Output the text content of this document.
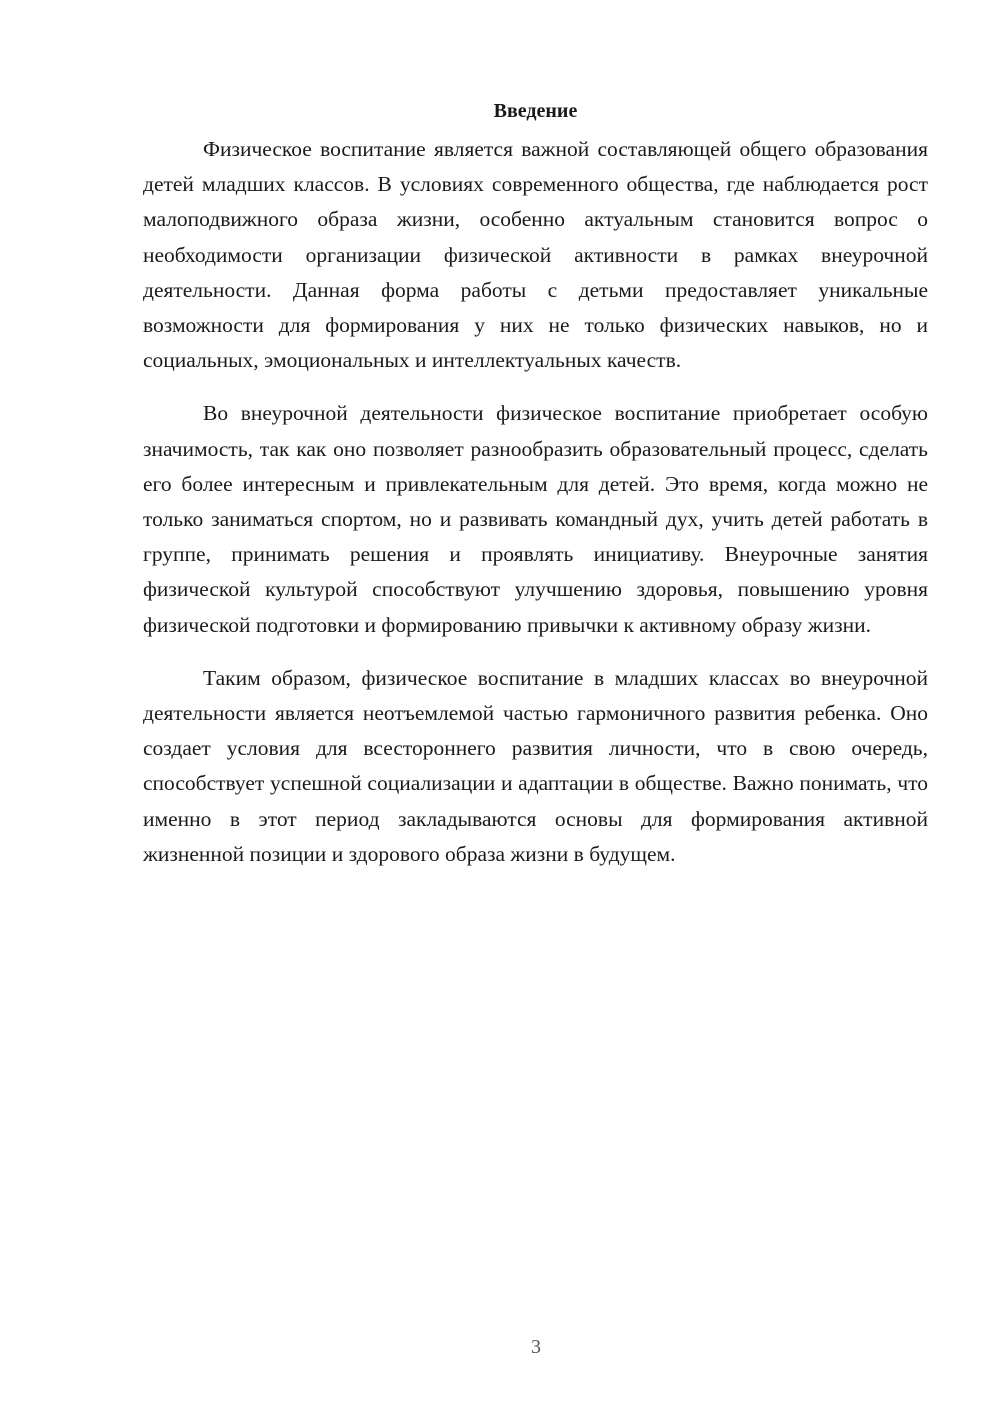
Введение

Физическое воспитание является важной составляющей общего образования детей младших классов. В условиях современного общества, где наблюдается рост малоподвижного образа жизни, особенно актуальным становится вопрос о необходимости организации физической активности в рамках внеурочной деятельности. Данная форма работы с детьми предоставляет уникальные возможности для формирования у них не только физических навыков, но и социальных, эмоциональных и интеллектуальных качеств.

Во внеурочной деятельности физическое воспитание приобретает особую значимость, так как оно позволяет разнообразить образовательный процесс, сделать его более интересным и привлекательным для детей. Это время, когда можно не только заниматься спортом, но и развивать командный дух, учить детей работать в группе, принимать решения и проявлять инициативу. Внеурочные занятия физической культурой способствуют улучшению здоровья, повышению уровня физической подготовки и формированию привычки к активному образу жизни.

Таким образом, физическое воспитание в младших классах во внеурочной деятельности является неотъемлемой частью гармоничного развития ребенка. Оно создает условия для всестороннего развития личности, что в свою очередь, способствует успешной социализации и адаптации в обществе. Важно понимать, что именно в этот период закладываются основы для формирования активной жизненной позиции и здорового образа жизни в будущем.

3
